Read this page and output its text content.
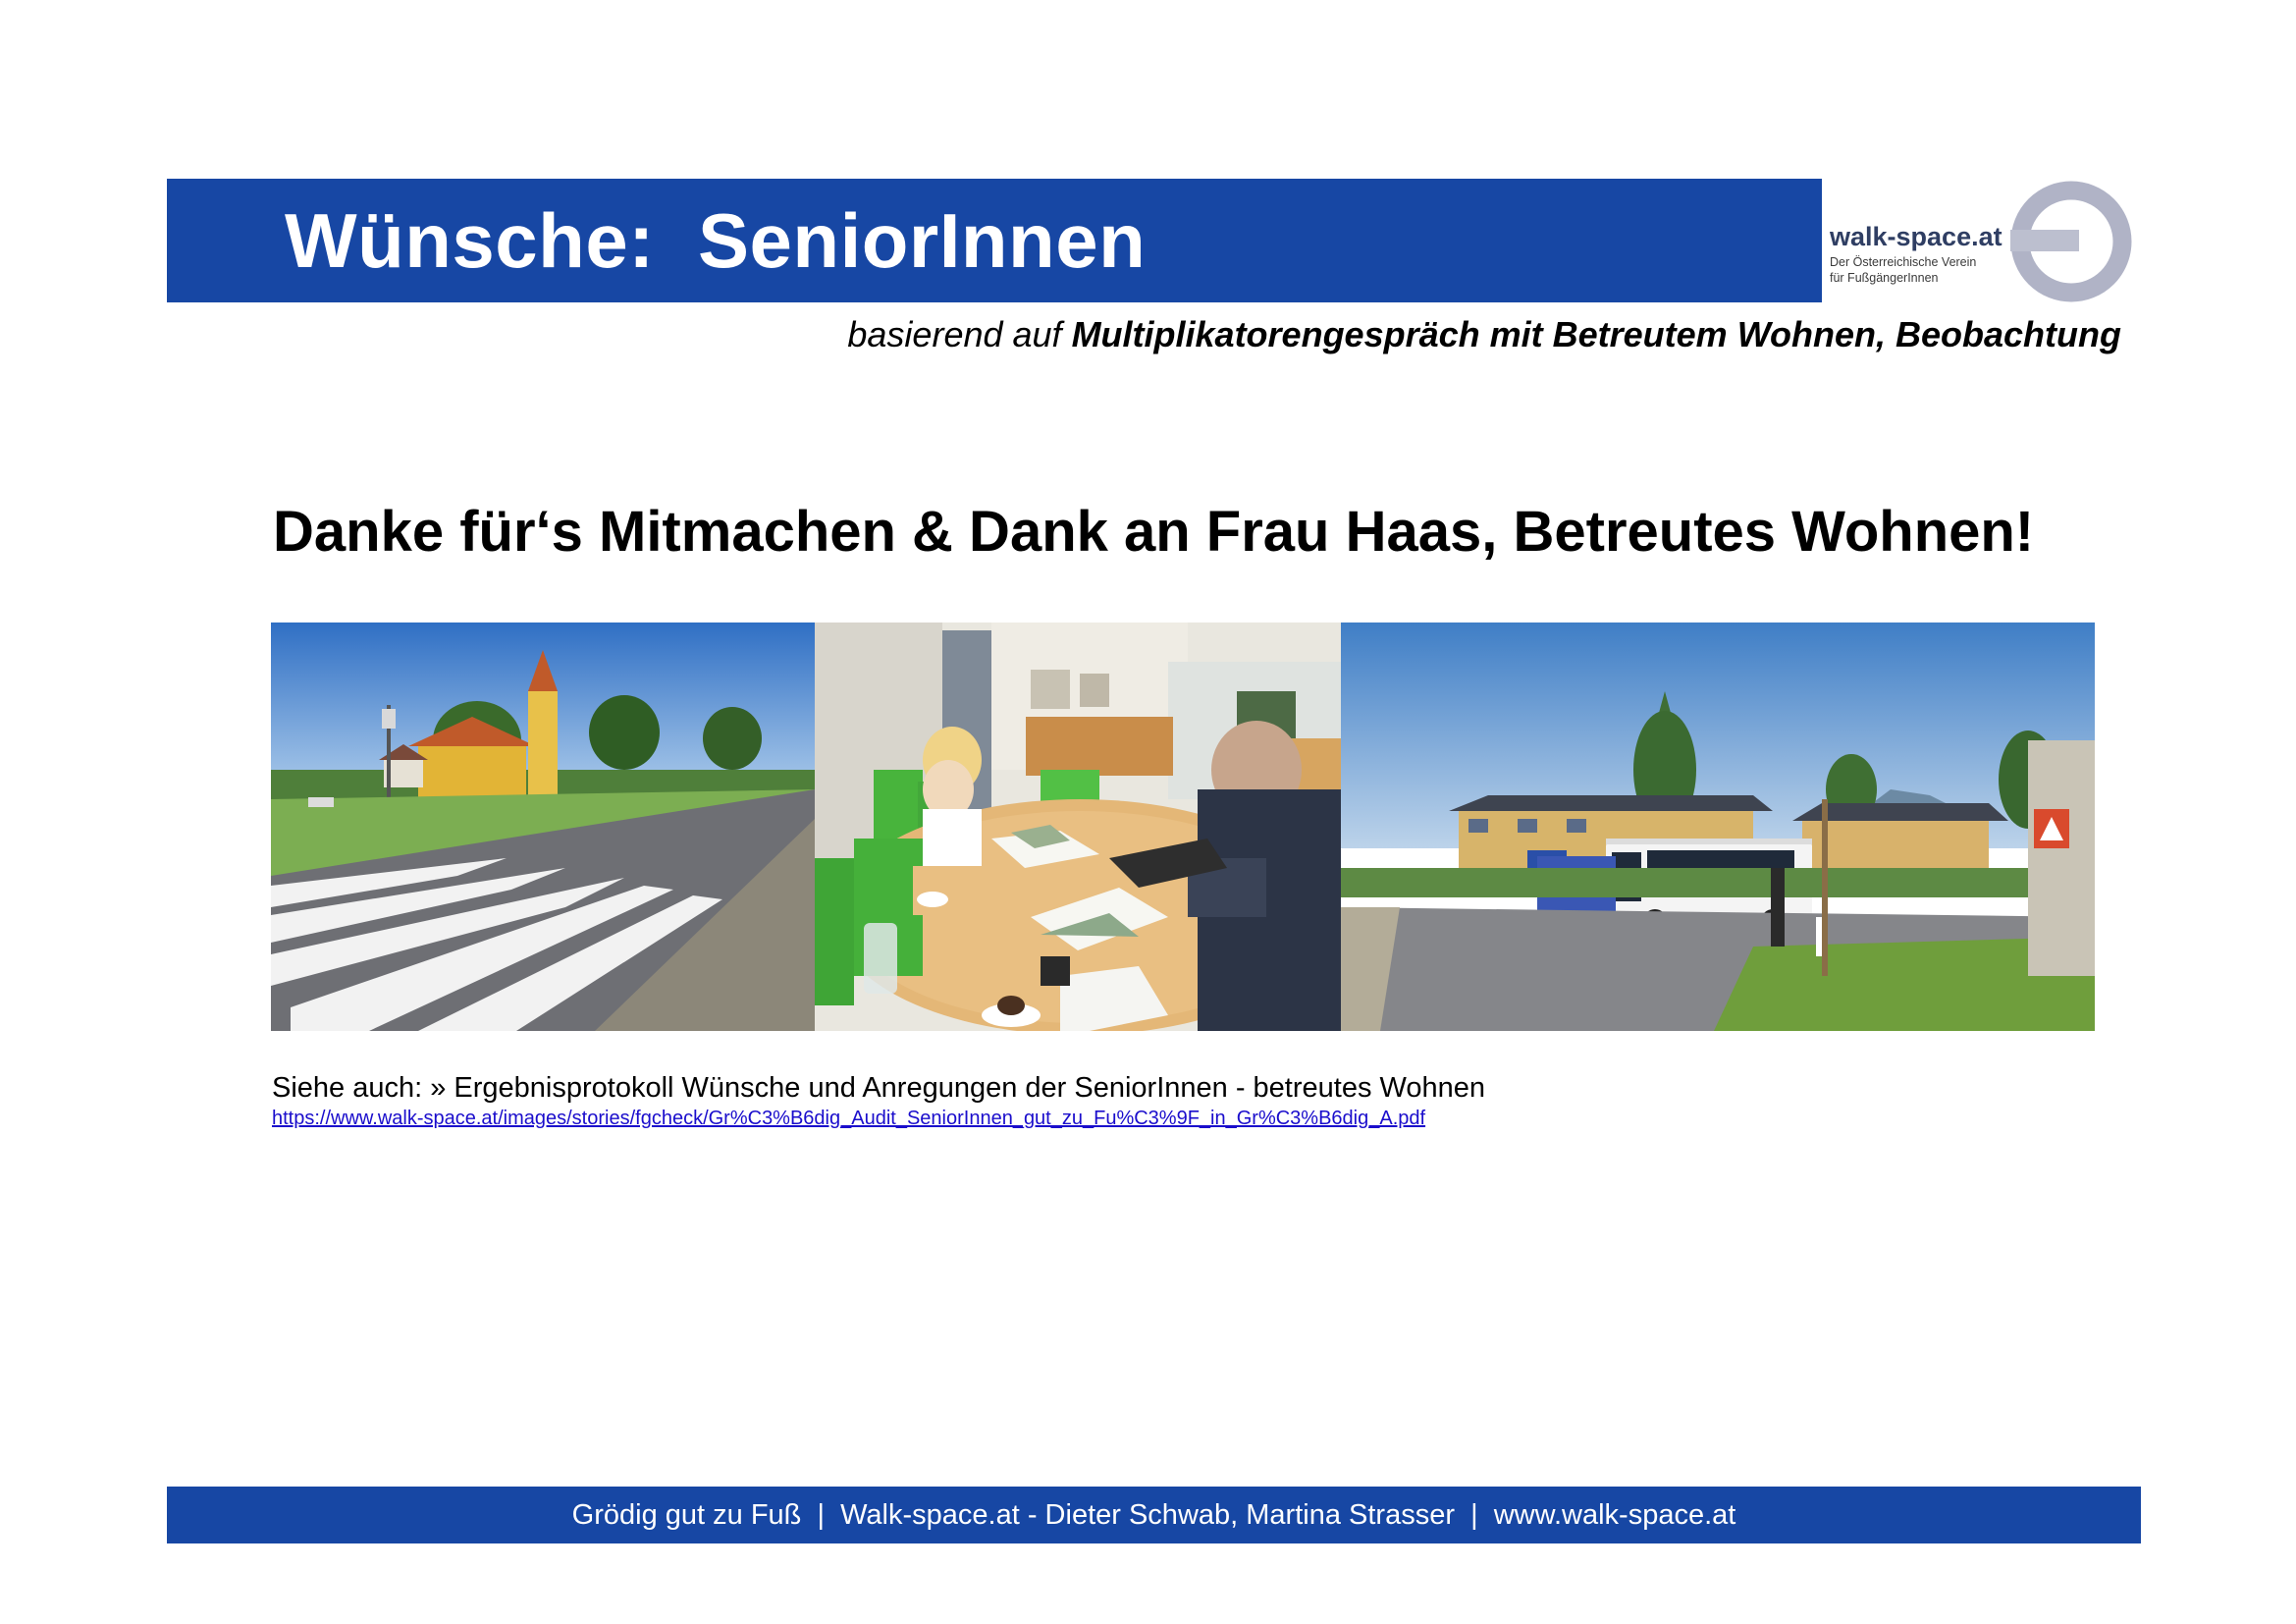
Wünsche:  SeniorInnen	walk-space.at
Der Österreichische Verein
für FußgängerInnen
basierend auf Multiplikatorengespräch mit Betreutem Wohnen, Beobachtung
Danke für‘s Mitmachen & Dank an Frau Haas, Betreutes Wohnen!
Siehe auch: » Ergebnisprotokoll Wünsche und Anregungen der SeniorInnen - betreutes Wohnen
https://www.walk-space.at/images/stories/fgcheck/Gr%C3%B6dig_Audit_SeniorInnen_gut_zu_Fu%C3%9F_in_Gr%C3%B6dig_A.pdf
Grödig gut zu Fuß  |  Walk-space.at - Dieter Schwab, Martina Strasser  |  www.walk-space.at
